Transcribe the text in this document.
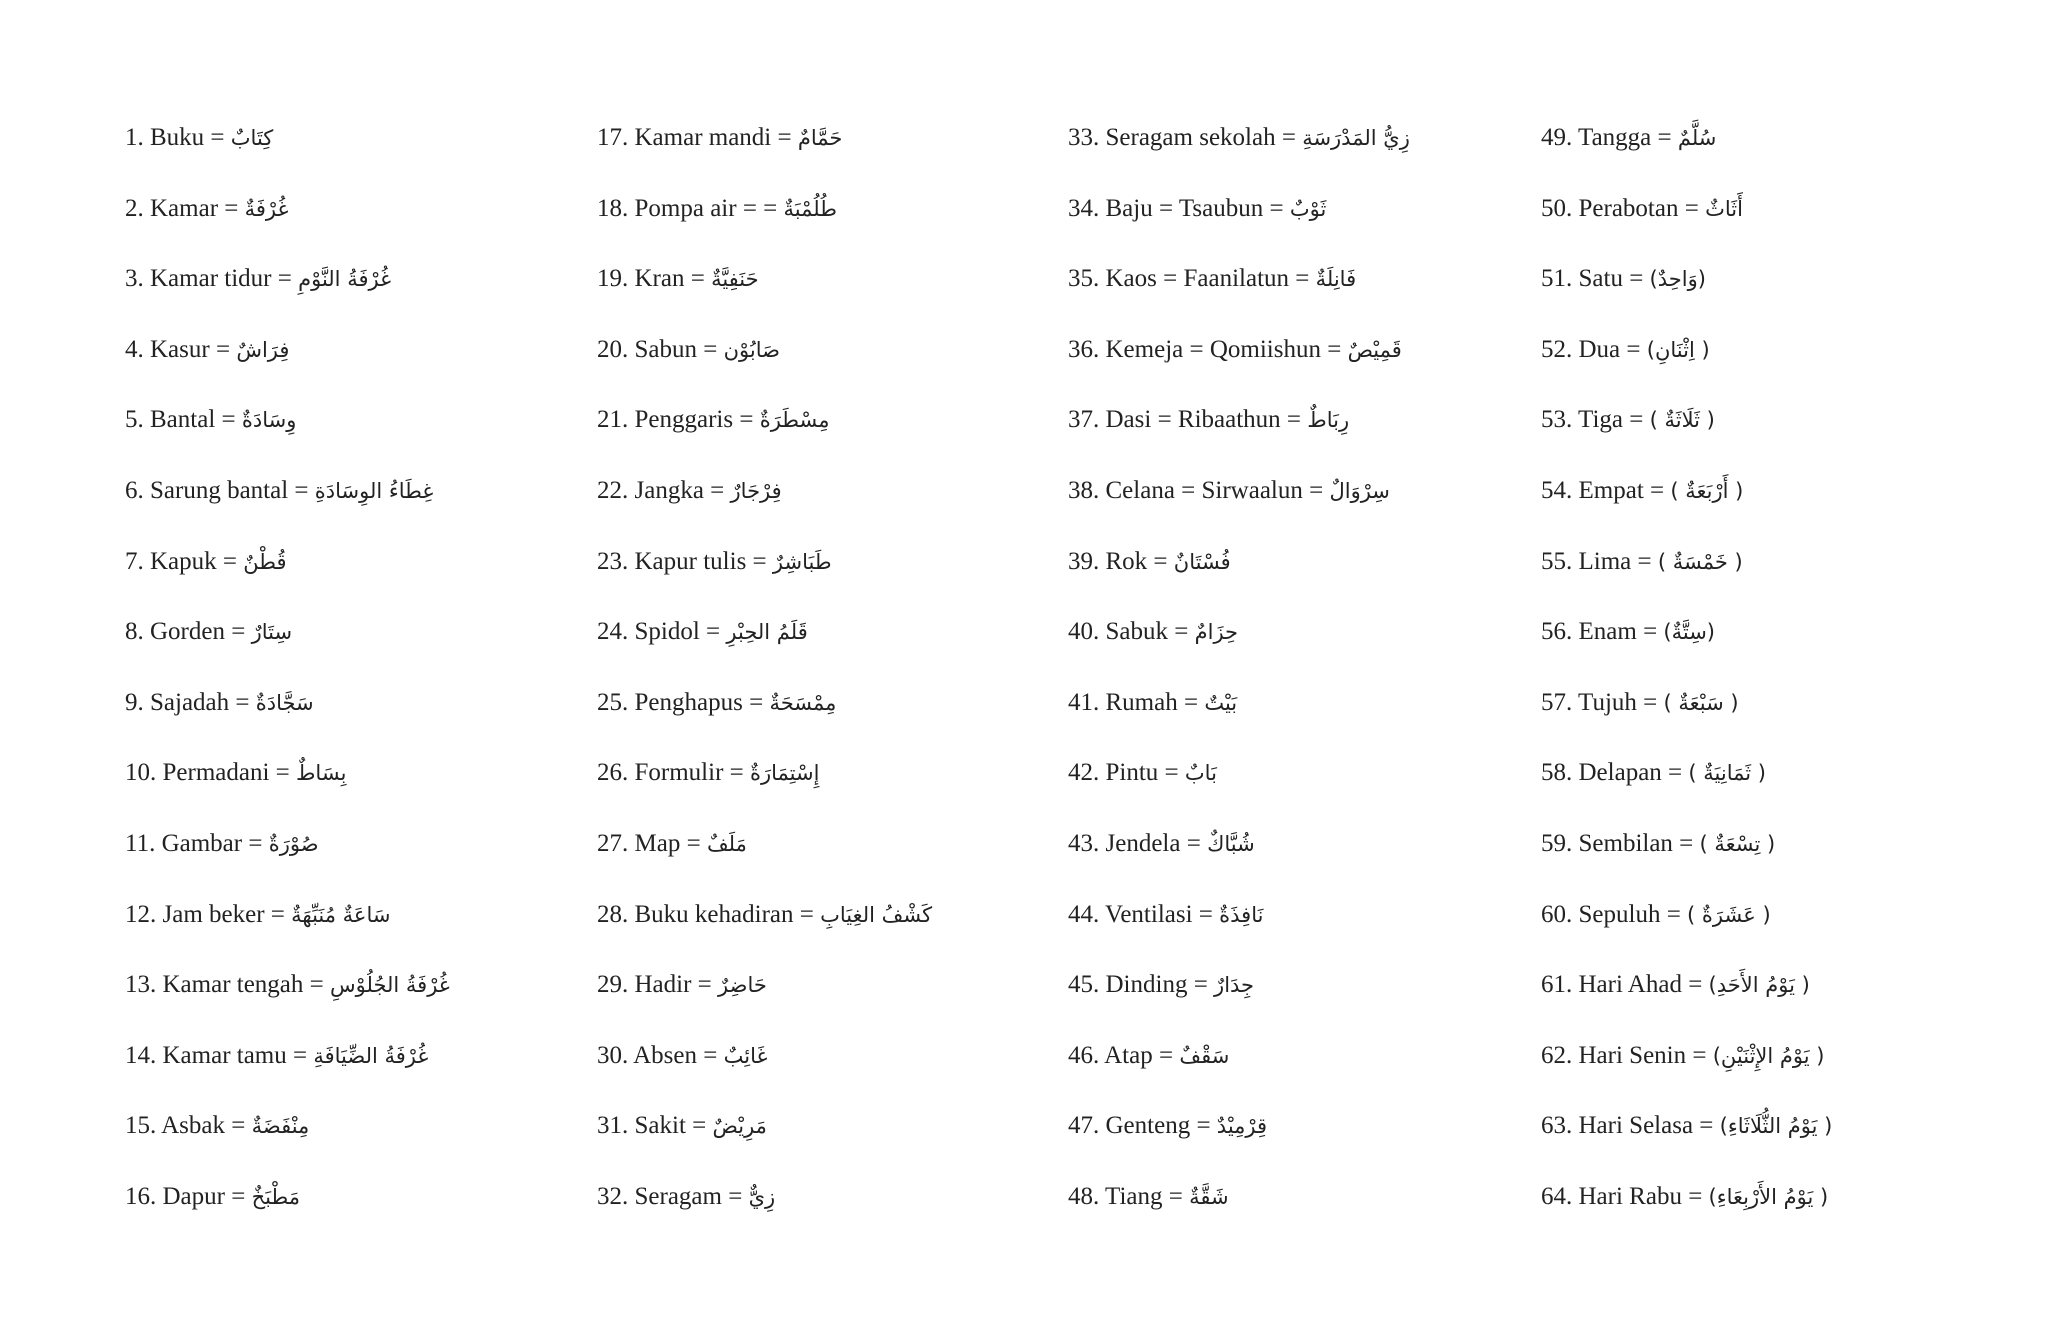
1. Buku = كِتَابٌ
2. Kamar = غُرْفَةٌ
3. Kamar tidur = غُرْفَةُ النَّوْمِ
4. Kasur = فِرَاشٌ
5. Bantal = وِسَادَةٌ
6. Sarung bantal = غِطَاءُ الوِسَادَةِ
7. Kapuk = قُطْنٌ
8. Gorden = سِتَارٌ
9. Sajadah = سَجَّادَةٌ
10. Permadani = بِسَاطٌ
11. Gambar = صُوْرَةٌ
12. Jam beker = سَاعَةٌ مُنَبِّهَةٌ
13. Kamar tengah = غُرْفَةُ الجُلُوْسِ
14. Kamar tamu = غُرْفَةُ الضِّيَافَةِ
15. Asbak = مِنْفَضَةٌ
16. Dapur = مَطْبَخٌ
17. Kamar mandi = حَمَّامٌ
18. Pompa air = = طُلُمْبَةٌ
19. Kran = حَنَفِيَّةٌ
20. Sabun = صَابُوْن
21. Penggaris = مِسْطَرَةٌ
22. Jangka = فِرْجَارٌ
23. Kapur tulis = طَبَاشِرٌ
24. Spidol = قَلَمُ الحِبْرِ
25. Penghapus = مِمْسَحَةٌ
26. Formulir = إِسْتِمَارَةٌ
27. Map = مَلَفٌ
28. Buku kehadiran = كَشْفُ الغِيَابِ
29. Hadir = حَاضِرٌ
30. Absen = غَائِبٌ
31. Sakit = مَرِيْضٌ
32. Seragam = زِيٌّ
33. Seragam sekolah = زِيُّ المَدْرَسَةِ
34. Baju = Tsaubun = ثَوْبٌ
35. Kaos = Faanilatun = فَانِلَةٌ
36. Kemeja = Qomiishun = قَمِيْصٌ
37. Dasi = Ribaathun = رِبَاطٌ
38. Celana = Sirwaalun = سِرْوَالٌ
39. Rok = فُسْتَانٌ
40. Sabuk = حِزَامٌ
41. Rumah = بَيْتٌ
42. Pintu = بَابٌ
43. Jendela = شُبَّاكٌ
44. Ventilasi = نَافِذَةٌ
45. Dinding = جِدَارٌ
46. Atap = سَقْفٌ
47. Genteng = قِرْمِيْدٌ
48. Tiang = شَقَّةٌ
49. Tangga = سُلَّمٌ
50. Perabotan = أَثَاثٌ
51. Satu = (وَاحِدٌ)
52. Dua = ( اِثْنَانِ)
53. Tiga = ( ثَلَاثَةٌ )
54. Empat = ( أَرْبَعَةٌ )
55. Lima = ( خَمْسَةٌ )
56. Enam = (سِتَّةٌ)
57. Tujuh = ( سَبْعَةٌ )
58. Delapan = ( ثَمَانِيَةٌ )
59. Sembilan = ( تِسْعَةٌ )
60. Sepuluh = ( عَشَرَةٌ )
61. Hari Ahad = ( يَوْمُ الأَحَدِ)
62. Hari Senin = ( يَوْمُ الإِثْنَيْنِ)
63. Hari Selasa = ( يَوْمُ الثُّلَاثَاءِ)
64. Hari Rabu = ( يَوْمُ الأَرْبِعَاءِ)
